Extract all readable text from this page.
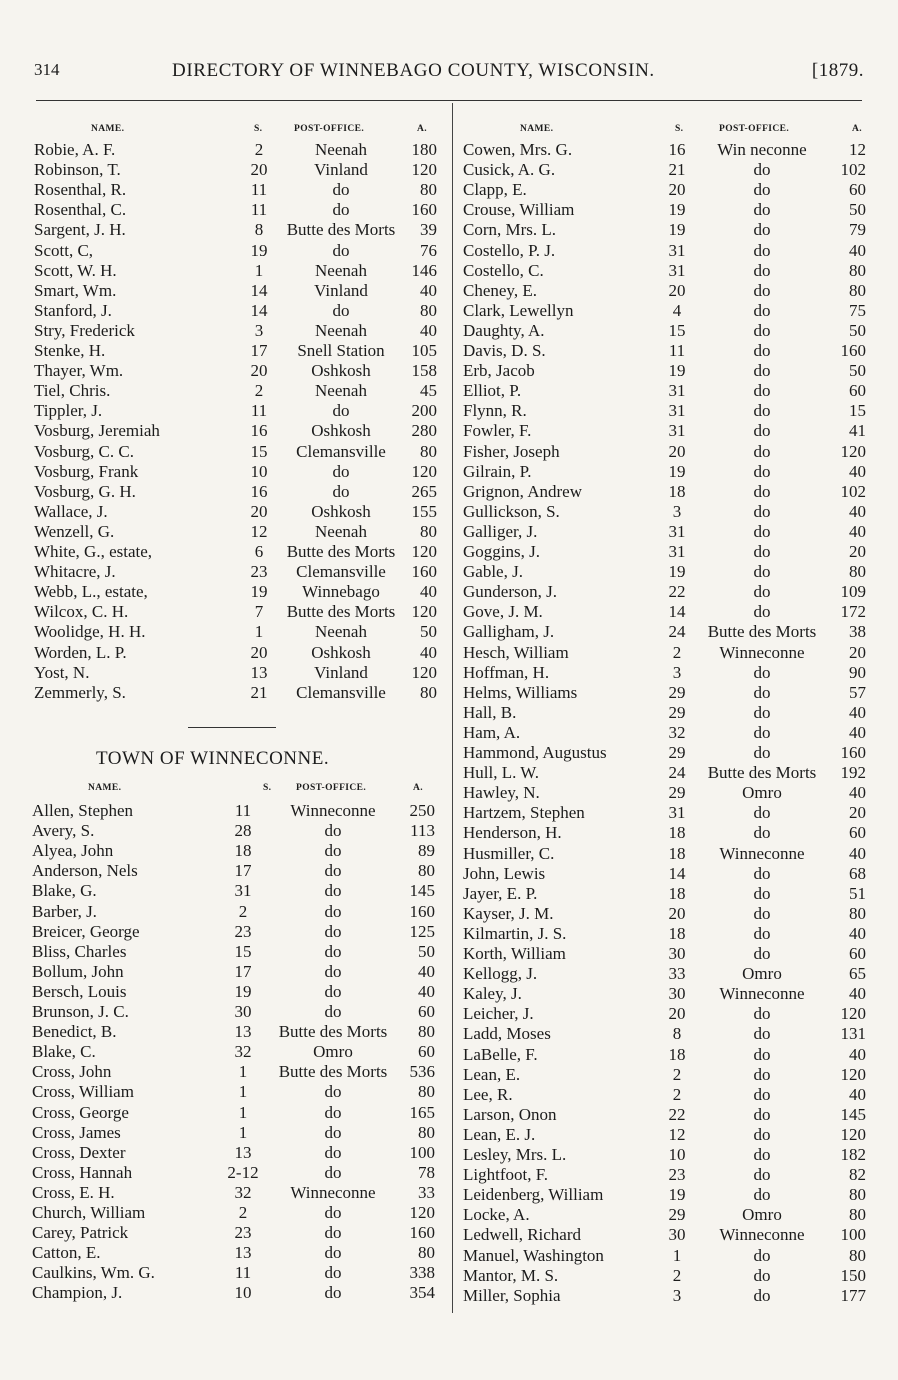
314	DIRECTORY OF WINNEBAGO COUNTY, WISCONSIN.	[1879.
NAME.	S.	POST-OFFICE.	A.
Robie, A. F.	2	Neenah	180
Robinson, T.	20	Vinland	120
Rosenthal, R.	11	do	80
Rosenthal, C.	11	do	160
Sargent, J. H.	8	Butte des Morts	39
Scott, C,	19	do	76
Scott, W. H.	1	Neenah	146
Smart, Wm.	14	Vinland	40
Stanford, J.	14	do	80
Stry, Frederick	3	Neenah	40
Stenke, H.	17	Snell Station	105
Thayer, Wm.	20	Oshkosh	158
Tiel, Chris.	2	Neenah	45
Tippler, J.	11	do	200
Vosburg, Jeremiah	16	Oshkosh	280
Vosburg, C. C.	15	Clemansville	80
Vosburg, Frank	10	do	120
Vosburg, G. H.	16	do	265
Wallace, J.	20	Oshkosh	155
Wenzell, G.	12	Neenah	80
White, G., estate,	6	Butte des Morts 120
Whitacre, J.	23	Clemansville	160
Webb, L., estate,	19	Winnebago	40
Wilcox, C. H.	7	Butte des Morts 120
Woolidge, H. H.	1	Neenah	50
Worden, L. P.	20	Oshkosh	40
Yost, N.	13	Vinland	120
Zemmerly, S.	21	Clemansville	80
TOWN OF WINNECONNE.
NAME.	S.	POST-OFFICE.	A.
Allen, Stephen	11	Winneconne	250
Avery, S.	28	do	113
Alyea, John	18	do	89
Anderson, Nels	17	do	80
Blake, G.	31	do	145
Barber, J.	2	do	160
Breicer, George	23	do	125
Bliss, Charles	15	do	50
Bollum, John	17	do	40
Bersch, Louis	19	do	40
Brunson, J. C.	30	do	60
Benedict, B.	13	Butte des Morts	80
Blake, C.	32	Omro	60
Cross, John	1	Butte des Morts	536
Cross, William	1	do	80
Cross, George	1	do	165
Cross, James	1	do	80
Cross, Dexter	13	do	100
Cross, Hannah	2-12	do	78
Cross, E. H.	32	Winneconne	33
Church, William	2	do	120
Carey, Patrick	23	do	160
Catton, E.	13	do	80
Caulkins, Wm. G.	11	do	338
Champion, J.	10	do	354
NAME.	S.	POST-OFFICE.	A.
Cowen, Mrs. G.	16	Win neconne	12
Cusick, A. G.	21	do	102
Clapp, E.	20	do	60
Crouse, William	19	do	50
Corn, Mrs. L.	19	do	79
Costello, P. J.	31	do	40
Costello, C.	31	do	80
Cheney, E.	20	do	80
Clark, Lewellyn	4	do	75
Daughty, A.	15	do	50
Davis, D. S.	11	do	160
Erb, Jacob	19	do	50
Elliot, P.	31	do	60
Flynn, R.	31	do	15
Fowler, F.	31	do	41
Fisher, Joseph	20	do	120
Gilrain, P.	19	do	40
Grignon, Andrew	18	do	102
Gullickson, S.	3	do	40
Galliger, J.	31	do	40
Goggins, J.	31	do	20
Gable, J.	19	do	80
Gunderson, J.	22	do	109
Gove, J. M.	14	do	172
Galligham, J.	24	Butte des Morts	38
Hesch, William	2	Winneconne	20
Hoffman, H.	3	do	90
Helms, Williams	29	do	57
Hall, B.	29	do	40
Ham, A.	32	do	40
Hammond, Augustus	29	do	160
Hull, L. W.	24	Butte des Morts	192
Hawley, N.	29	Omro	40
Hartzem, Stephen	31	do	20
Henderson, H.	18	do	60
Husmiller, C.	18	Winneconne	40
John, Lewis	14	do	68
Jayer, E. P.	18	do	51
Kayser, J. M.	20	do	80
Kilmartin, J. S.	18	do	40
Korth, William	30	do	60
Kellogg, J.	33	Omro	65
Kaley, J.	30	Winneconne	40
Leicher, J.	20	do	120
Ladd, Moses	8	do	131
LaBelle, F.	18	do	40
Lean, E.	2	do	120
Lee, R.	2	do	40
Larson, Onon	22	do	145
Lean, E. J.	12	do	120
Lesley, Mrs. L.	10	do	182
Lightfoot, F.	23	do	82
Leidenberg, William	19	do	80
Locke, A.	29	Omro	80
Ledwell, Richard	30	Winneconne	100
Manuel, Washington	1	do	80
Mantor, M. S.	2	do	150
Miller, Sophia	3	do	177
